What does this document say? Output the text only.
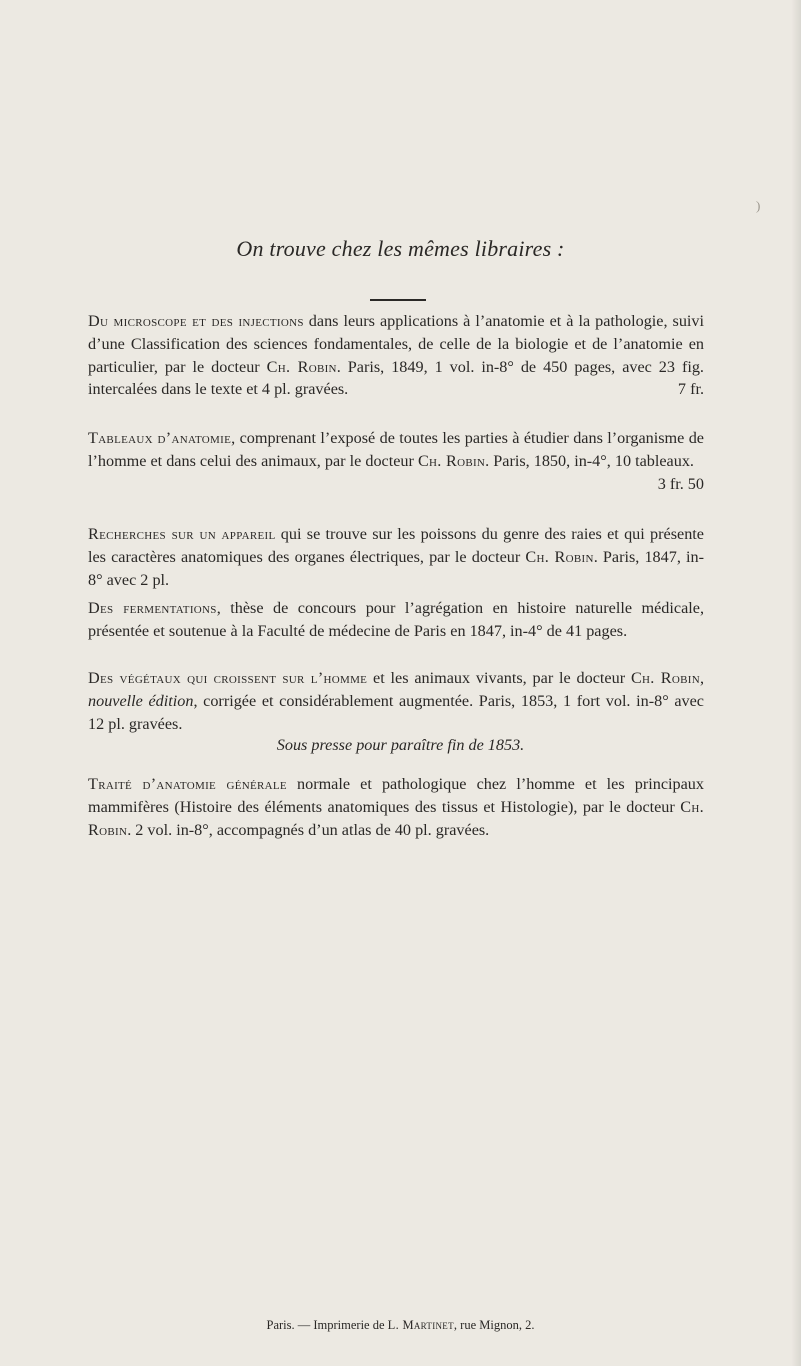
)
On trouve chez les mêmes libraires :

Du microscope et des injections dans leurs applications à l’anatomie et à la pathologie, suivi d’une Classification des sciences fondamentales, de celle de la biologie et de l’anatomie en particulier, par le docteur Ch. Robin. Paris, 1849, 1 vol. in-8° de 450 pages, avec 23 fig. intercalées dans le texte et 4 pl. gravées.	7 fr.

Tableaux d’anatomie, comprenant l’exposé de toutes les parties à étudier dans l’organisme de l’homme et dans celui des animaux, par le docteur Ch. Robin. Paris, 1850, in-4°, 10 tableaux.
3 fr. 50

Recherches sur un appareil qui se trouve sur les poissons du genre des raies et qui présente les caractères anatomiques des organes électriques, par le docteur Ch. Robin. Paris, 1847, in-8° avec 2 pl.

Des fermentations, thèse de concours pour l’agrégation en histoire naturelle médicale, présentée et soutenue à la Faculté de médecine de Paris en 1847, in-4° de 41 pages.

Des végétaux qui croissent sur l’homme et les animaux vivants, par le docteur Ch. Robin, nouvelle édition, corrigée et considérablement augmentée. Paris, 1853, 1 fort vol. in-8° avec 12 pl. gravées.

Sous presse pour paraître fin de 1853.

Traité d’anatomie générale normale et pathologique chez l’homme et les principaux mammifères (Histoire des éléments anatomiques des tissus et Histologie), par le docteur Ch. Robin. 2 vol. in-8°, accompagnés d’un atlas de 40 pl. gravées.

Paris. — Imprimerie de L. Martinet, rue Mignon, 2.
